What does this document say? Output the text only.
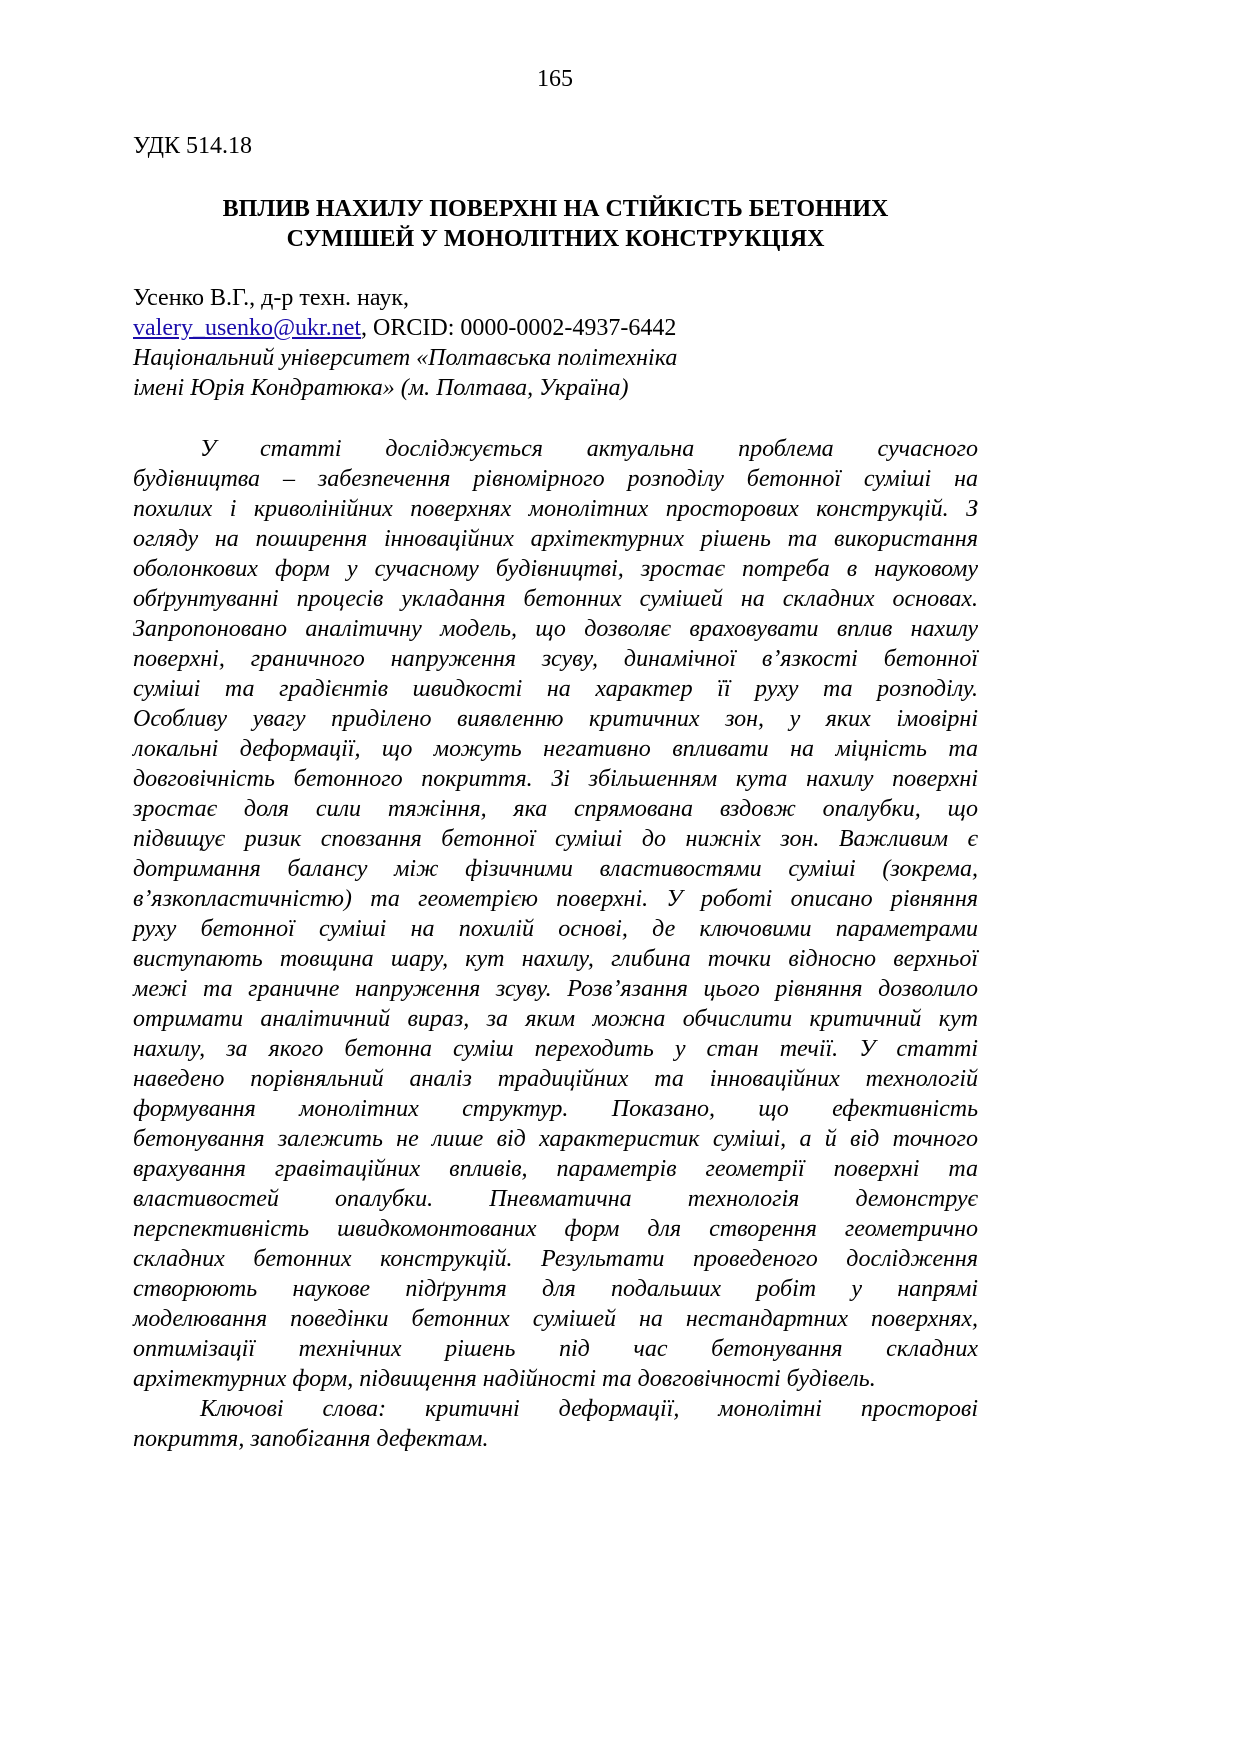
165
УДК 514.18
ВПЛИВ НАХИЛУ ПОВЕРХНІ НА СТІЙКІСТЬ БЕТОННИХ
СУМІШЕЙ У МОНОЛІТНИХ КОНСТРУКЦІЯХ
Усенко В.Г., д-р техн. наук,
valery_usenko@ukr.net, ORCID: 0000-0002-4937-6442
Національний університет «Полтавська політехніка
імені Юрія Кондратюка» (м. Полтава, Україна)
У статті досліджується актуальна проблема сучасного
будівництва – забезпечення рівномірного розподілу бетонної суміші на
похилих і криволінійних поверхнях монолітних просторових конструкцій. З
огляду на поширення інноваційних архітектурних рішень та використання
оболонкових форм у сучасному будівництві, зростає потреба в науковому
обґрунтуванні процесів укладання бетонних сумішей на складних основах.
Запропоновано аналітичну модель, що дозволяє враховувати вплив нахилу
поверхні, граничного напруження зсуву, динамічної в’язкості бетонної
суміші та градієнтів швидкості на характер її руху та розподілу.
Особливу увагу приділено виявленню критичних зон, у яких імовірні
локальні деформації, що можуть негативно впливати на міцність та
довговічність бетонного покриття. Зі збільшенням кута нахилу поверхні
зростає доля сили тяжіння, яка спрямована вздовж опалубки, що
підвищує ризик сповзання бетонної суміші до нижніх зон. Важливим є
дотримання балансу між фізичними властивостями суміші (зокрема,
в’язкопластичністю) та геометрією поверхні. У роботі описано рівняння
руху бетонної суміші на похилій основі, де ключовими параметрами
виступають товщина шару, кут нахилу, глибина точки відносно верхньої
межі та граничне напруження зсуву. Розв’язання цього рівняння дозволило
отримати аналітичний вираз, за яким можна обчислити критичний кут
нахилу, за якого бетонна суміш переходить у стан течії. У статті
наведено порівняльний аналіз традиційних та інноваційних технологій
формування монолітних структур. Показано, що ефективність
бетонування залежить не лише від характеристик суміші, а й від точного
врахування гравітаційних впливів, параметрів геометрії поверхні та
властивостей опалубки. Пневматична технологія демонструє
перспективність швидкомонтованих форм для створення геометрично
складних бетонних конструкцій. Результати проведеного дослідження
створюють наукове підґрунтя для подальших робіт у напрямі
моделювання поведінки бетонних сумішей на нестандартних поверхнях,
оптимізації технічних рішень під час бетонування складних
архітектурних форм, підвищення надійності та довговічності будівель.
Ключові слова: критичні деформації, монолітні просторові
покриття, запобігання дефектам.
